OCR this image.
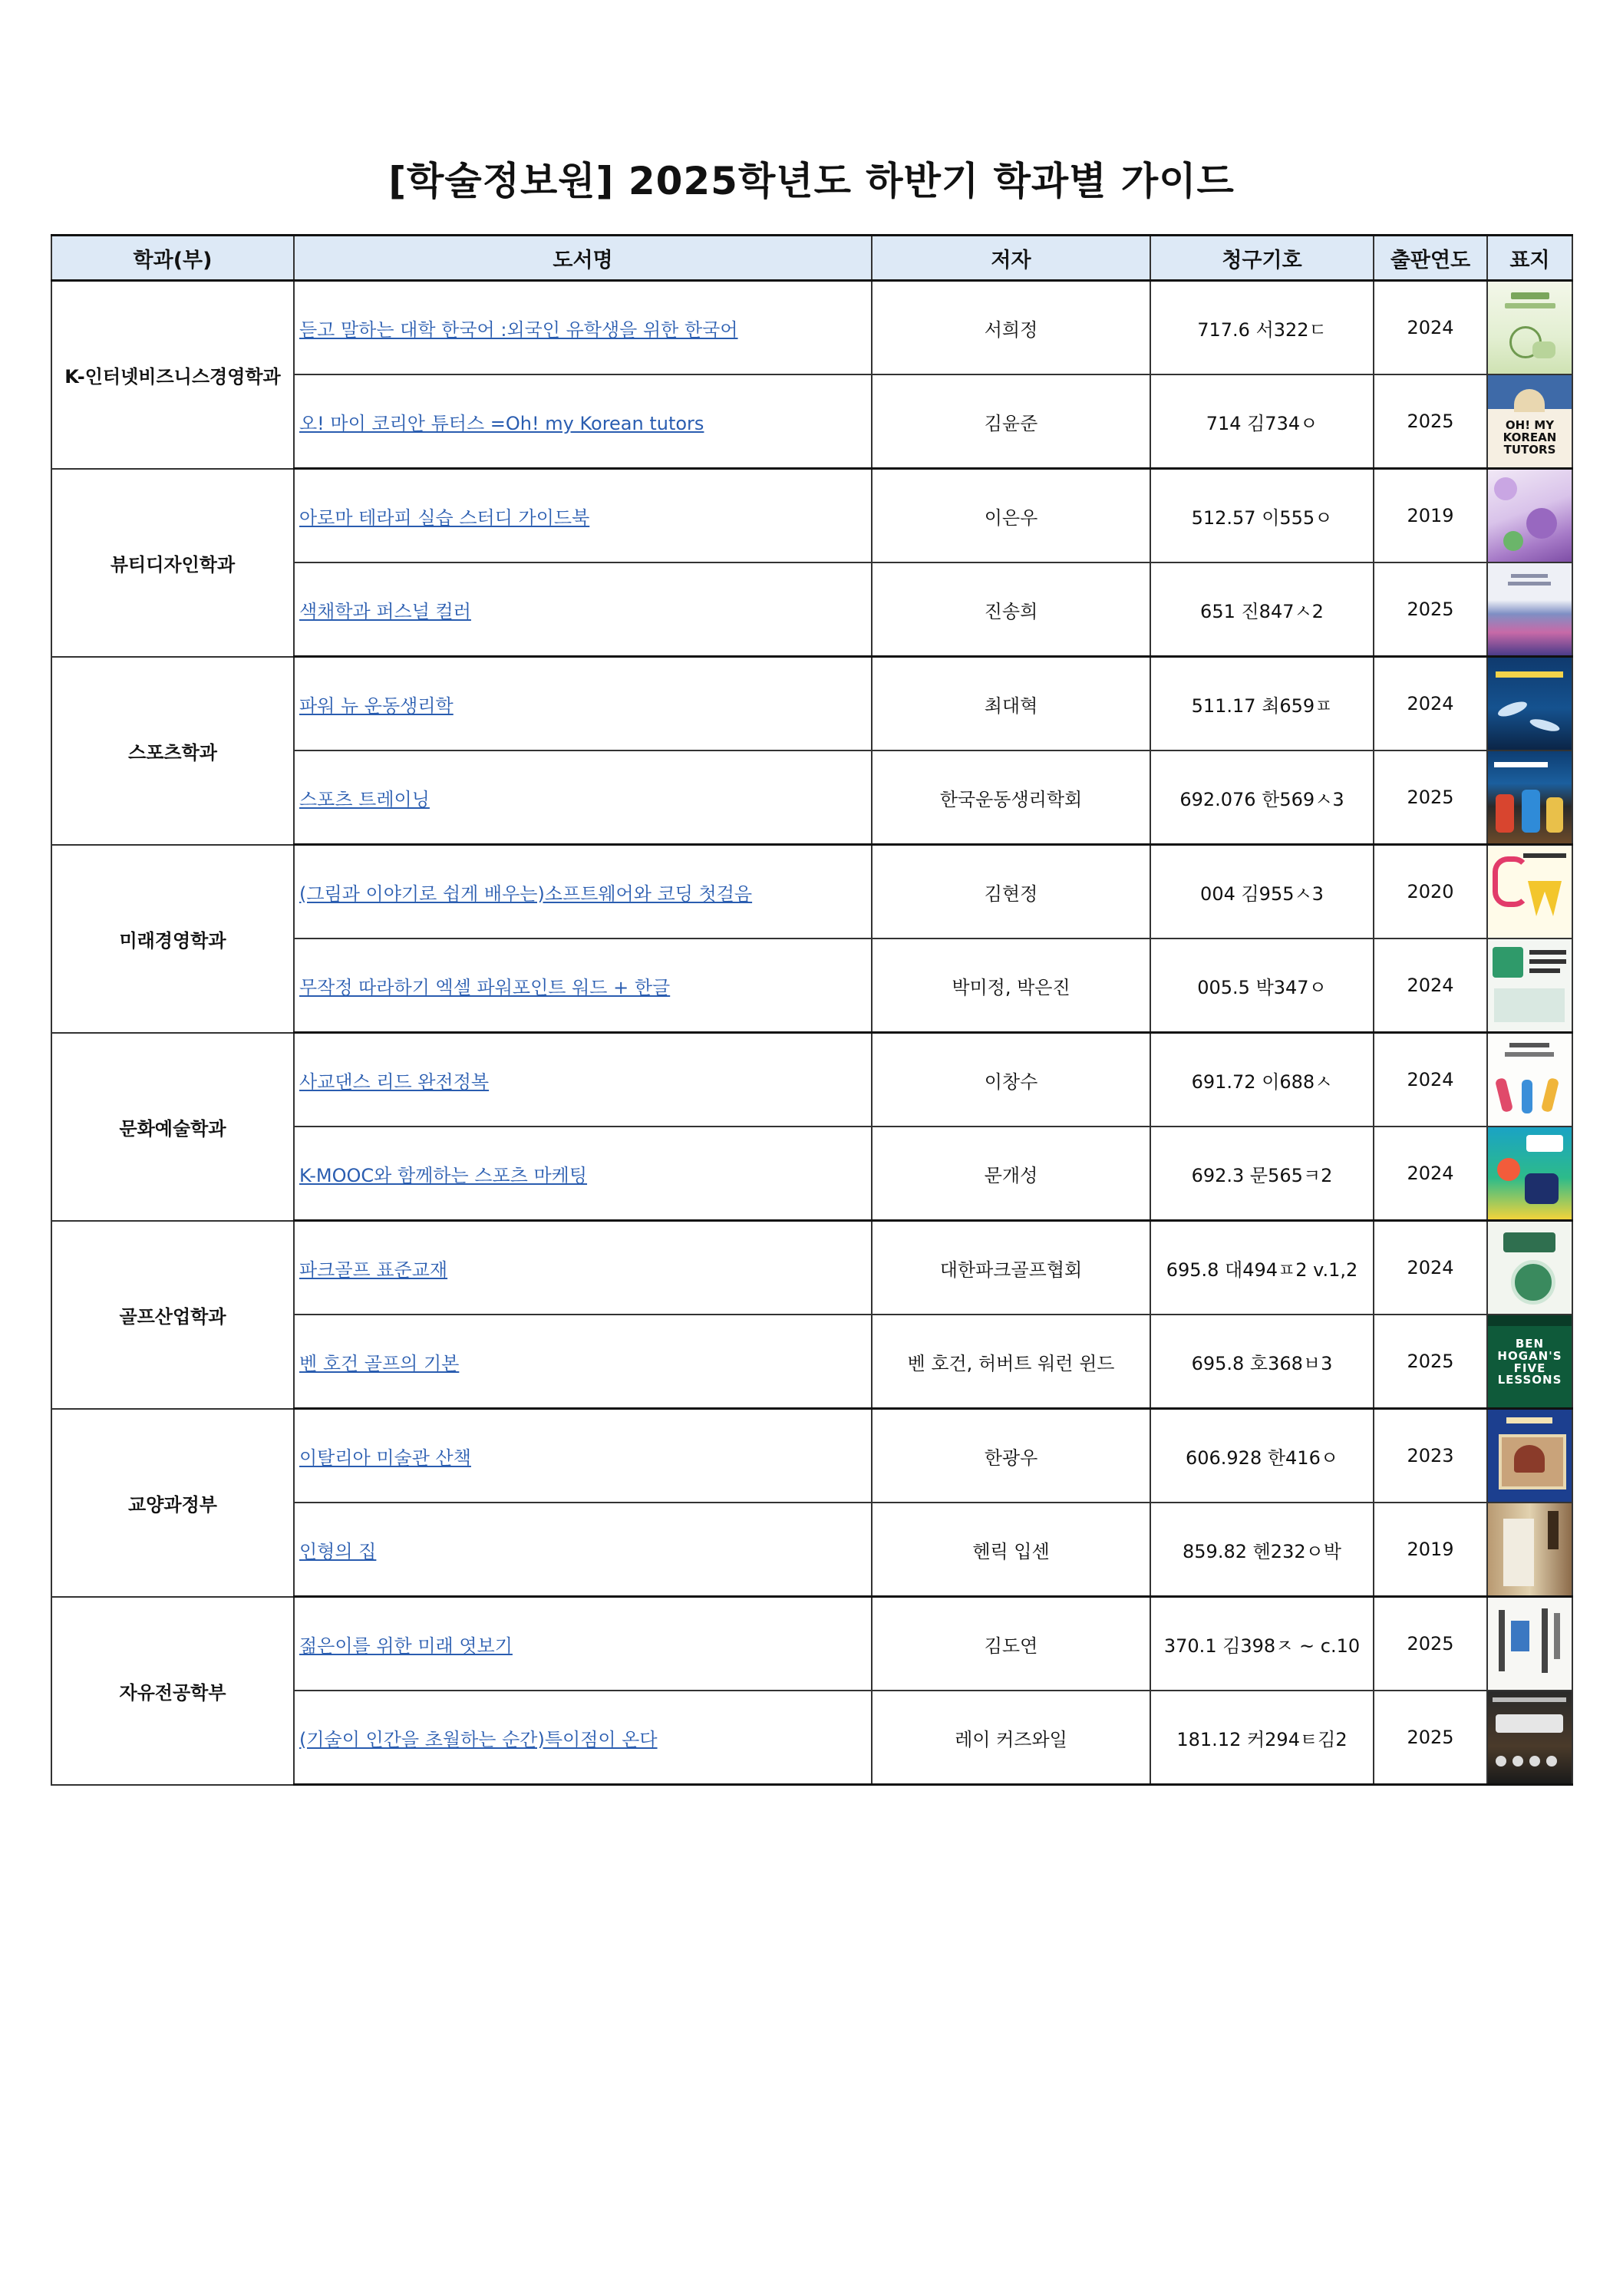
[학술정보원] 2025학년도 하반기 학과별 가이드
학과(부)	도서명	저자	청구기호	출판연도	표지
K-인터넷비즈니스경영학과	듣고 말하는 대학 한국어 :외국인 유학생을 위한 한국어	서희정	717.6 서322ㄷ	2024	

	오! 마이 코리안 튜터스 =Oh! my Korean tutors	김윤준	714 김734ㅇ	2025	OH! MY KOREAN TUTORS

뷰티디자인학과	아로마 테라피 실습 스터디 가이드북	이은우	512.57 이555ㅇ	2019	

	색채학과 퍼스널 컬러	진송희	651 진847ㅅ2	2025	

스포츠학과	파워 뉴 운동생리학	최대혁	511.17 최659ㅍ	2024	

	스포츠 트레이닝	한국운동생리학회	692.076 한569ㅅ3	2025	

미래경영학과	(그림과 이야기로 쉽게 배우는)소프트웨어와 코딩 첫걸음	김현정	004 김955ㅅ3	2020	

	무작정 따라하기 엑셀 파워포인트 워드 + 한글	박미정, 박은진	005.5 박347ㅇ	2024	

문화예술학과	사교댄스 리드 완전정복	이창수	691.72 이688ㅅ	2024	

	K-MOOC와 함께하는 스포츠 마케팅	문개성	692.3 문565ㅋ2	2024	

골프산업학과	파크골프 표준교재	대한파크골프협회	695.8 대494ㅍ2 v.1,2	2024	

	벤 호건 골프의 기본	벤 호건, 허버트 워런 윈드	695.8 호368ㅂ3	2025	BEN HOGAN'S FIVE LESSONS

교양과정부	이탈리아 미술관 산책	한광우	606.928 한416ㅇ	2023	

	인형의 집	헨릭 입센	859.82 헨232ㅇ박	2019	

자유전공학부	젊은이를 위한 미래 엿보기	김도연	370.1 김398ㅈ ~ c.10	2025	

	(기술이 인간을 초월하는 순간)특이점이 온다	레이 커즈와일	181.12 커294ㅌ김2	2025	
